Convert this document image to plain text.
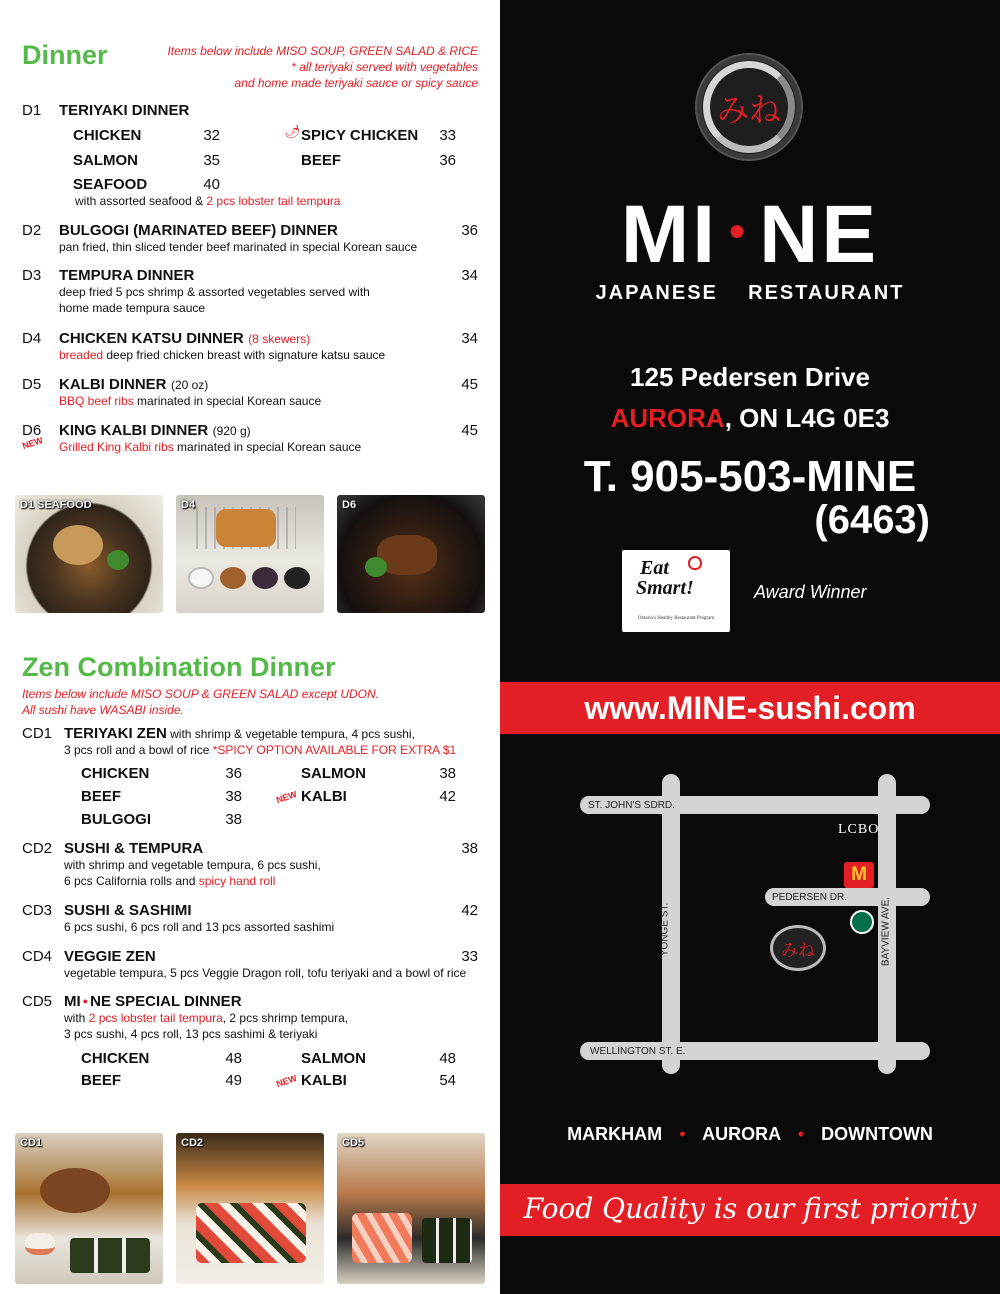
Dinner	Items below include MISO SOUP, GREEN SALAD & RICE
* all teriyaki served with vegetables
and home made teriyaki sauce or spicy sauce
D1 TERIYAKI DINNER
CHICKEN	32	🌶 SPICY CHICKEN	33
SALMON	35	BEEF	36
SEAFOOD	40
with assorted seafood & 2 pcs lobster tail tempura
D2 BULGOGI (MARINATED BEEF) DINNER	36
pan fried, thin sliced tender beef marinated in special Korean sauce
D3 TEMPURA DINNER	34
deep fried 5 pcs shrimp & assorted vegetables served with
home made tempura sauce
D4 CHICKEN KATSU DINNER (8 skewers)	34
breaded deep fried chicken breast with signature katsu sauce
D5 KALBI DINNER (20 oz)	45
BBQ beef ribs marinated in special Korean sauce
D6
NEW
KING KALBI DINNER (920 g)	45
Grilled King Kalbi ribs marinated in special Korean sauce
D1 SEAFOOD	D4	D6
Zen Combination Dinner
Items below include MISO SOUP & GREEN SALAD except UDON.
All sushi have WASABI inside.
CD1 TERIYAKI ZEN with shrimp & vegetable tempura, 4 pcs sushi,
3 pcs roll and a bowl of rice *SPICY OPTION AVAILABLE FOR EXTRA $1
CHICKEN	36	SALMON	38
BEEF	38	NEW KALBI	42
BULGOGI	38
CD2 SUSHI & TEMPURA	38
with shrimp and vegetable tempura, 6 pcs sushi,
6 pcs California rolls and spicy hand roll
CD3 SUSHI & SASHIMI	42
6 pcs sushi, 6 pcs roll and 13 pcs assorted sashimi
CD4 VEGGIE ZEN	33
vegetable tempura, 5 pcs Veggie Dragon roll, tofu teriyaki and a bowl of rice
CD5 MI ● NE SPECIAL DINNER
with 2 pcs lobster tail tempura, 2 pcs shrimp tempura,
3 pcs sushi, 4 pcs roll, 13 pcs sashimi & teriyaki
CHICKEN	48	SALMON	48
BEEF	49	NEW KALBI	54
CD1	CD2	CD5
みね
MI ● NE
JAPANESE RESTAURANT
125 Pedersen Drive
AURORA, ON L4G 0E3
T. 905-503-MINE
(6463)
Eat
Smart!
Ontario's Healthy Restaurant Program
Award Winner
www.MINE-sushi.com
ST. JOHN'S SDRD.
PEDERSEN DR.
WELLINGTON ST. E.
YONGE ST.	BAYVIEW AVE.
LCBO
M
みね
MARKHAM ● AURORA ● DOWNTOWN
Food Quality is our first priority
